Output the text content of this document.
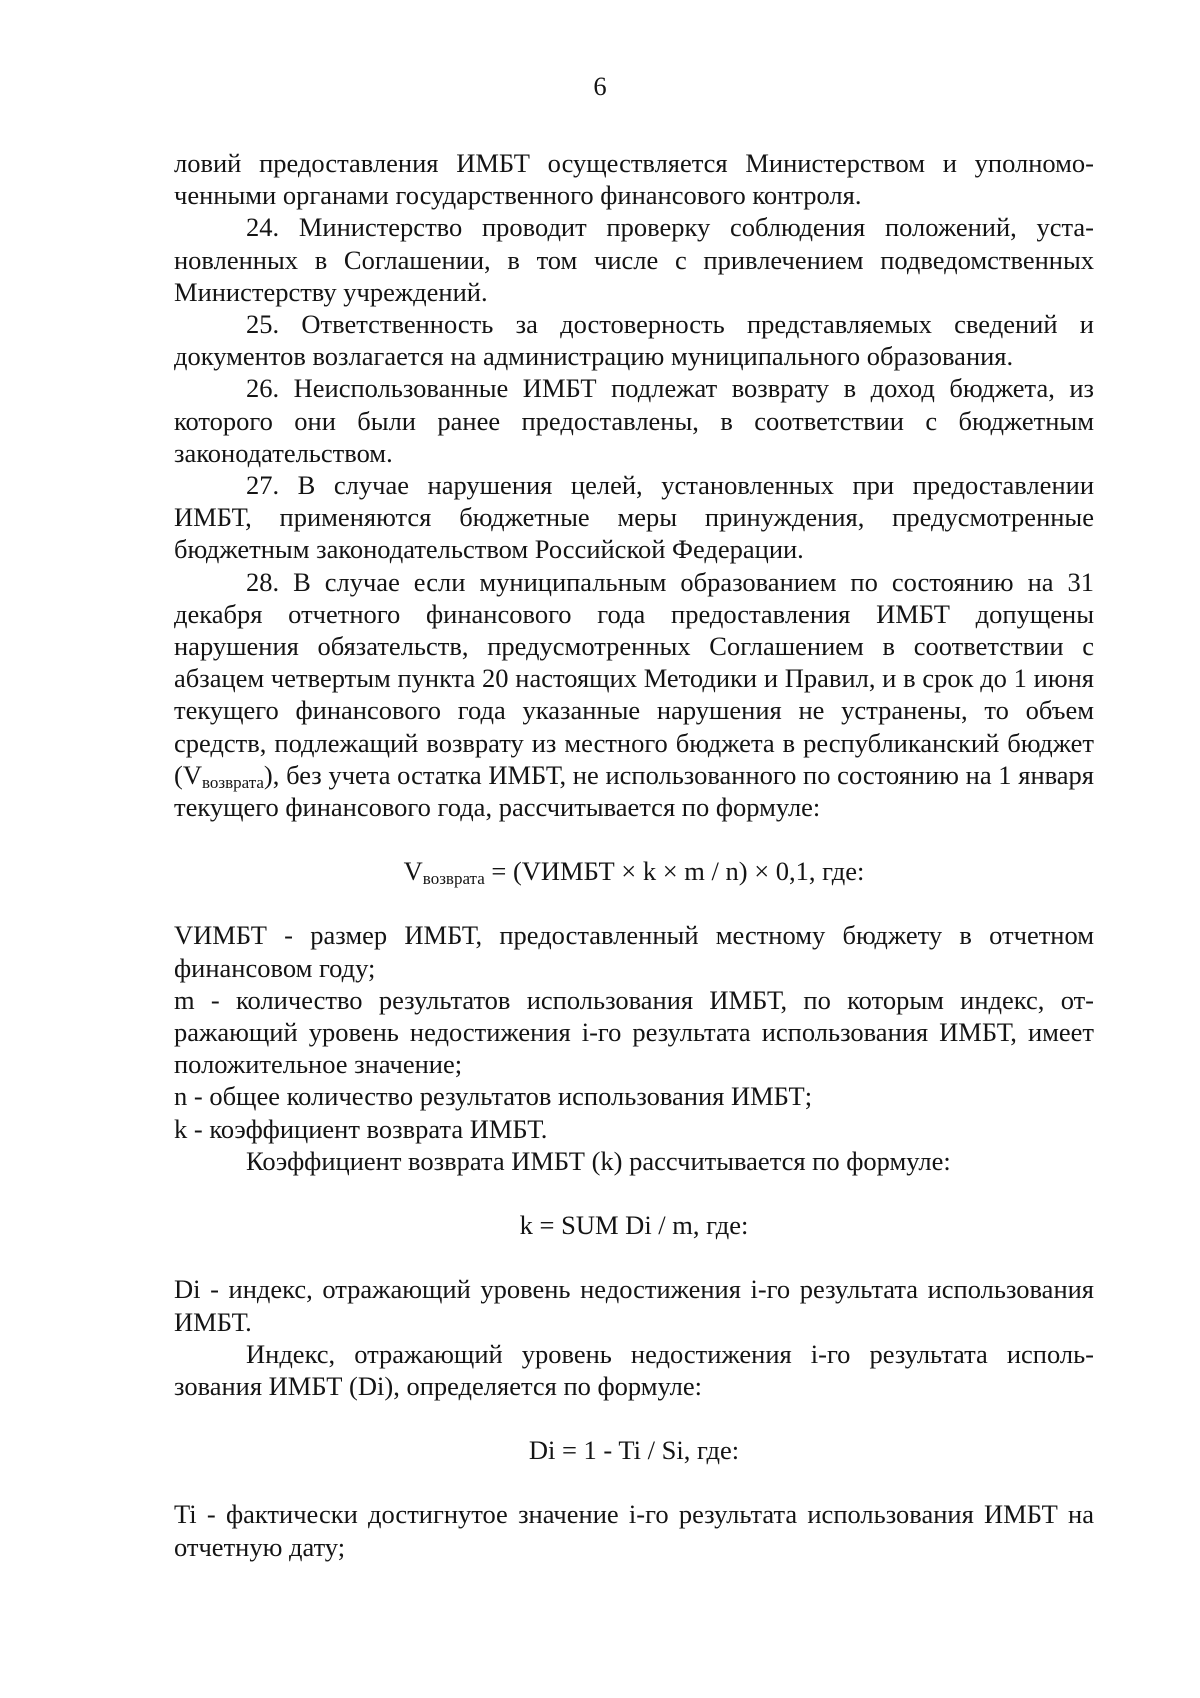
6

ловий предоставления ИМБТ осуществляется Министерством и уполномоченными органами государственного финансового контроля.

24. Министерство проводит проверку соблюдения положений, установленных в Соглашении, в том числе с привлечением подведомственных Министерству учреждений.

25. Ответственность за достоверность представляемых сведений и документов возлагается на администрацию муниципального образования.

26. Неиспользованные ИМБТ подлежат возврату в доход бюджета, из которого они были ранее предоставлены, в соответствии с бюджетным законодательством.

27. В случае нарушения целей, установленных при предоставлении ИМБТ, применяются бюджетные меры принуждения, предусмотренные бюджетным законодательством Российской Федерации.

28. В случае если муниципальным образованием по состоянию на 31 декабря отчетного финансового года предоставления ИМБТ допущены нарушения обязательств, предусмотренных Соглашением в соответствии с абзацем четвертым пункта 20 настоящих Методики и Правил, и в срок до 1 июня текущего финансового года указанные нарушения не устранены, то объем средств, подлежащий возврату из местного бюджета в республиканский бюджет $(V_{возврата})$, без учета остатка ИМБТ, не использованного по состоянию на 1 января текущего финансового года, рассчитывается по формуле:

$V_{возврата}$ = (VИМБТ × k × m / n) × 0,1, где:

VИМБТ - размер ИМБТ, предоставленный местному бюджету в отчетном финансовом году;

m - количество результатов использования ИМБТ, по которым индекс, отражающий уровень недостижения i-го результата использования ИМБТ, имеет положительное значение;

n - общее количество результатов использования ИМБТ;

k - коэффициент возврата ИМБТ.

Коэффициент возврата ИМБТ (k) рассчитывается по формуле:

k = SUM Di / m, где:

Di - индекс, отражающий уровень недостижения i-го результата использования ИМБТ.

Индекс, отражающий уровень недостижения i-го результата использования ИМБТ (Di), определяется по формуле:

Di = 1 - Ti / Si, где:

Ti - фактически достигнутое значение i-го результата использования ИМБТ на отчетную дату;
